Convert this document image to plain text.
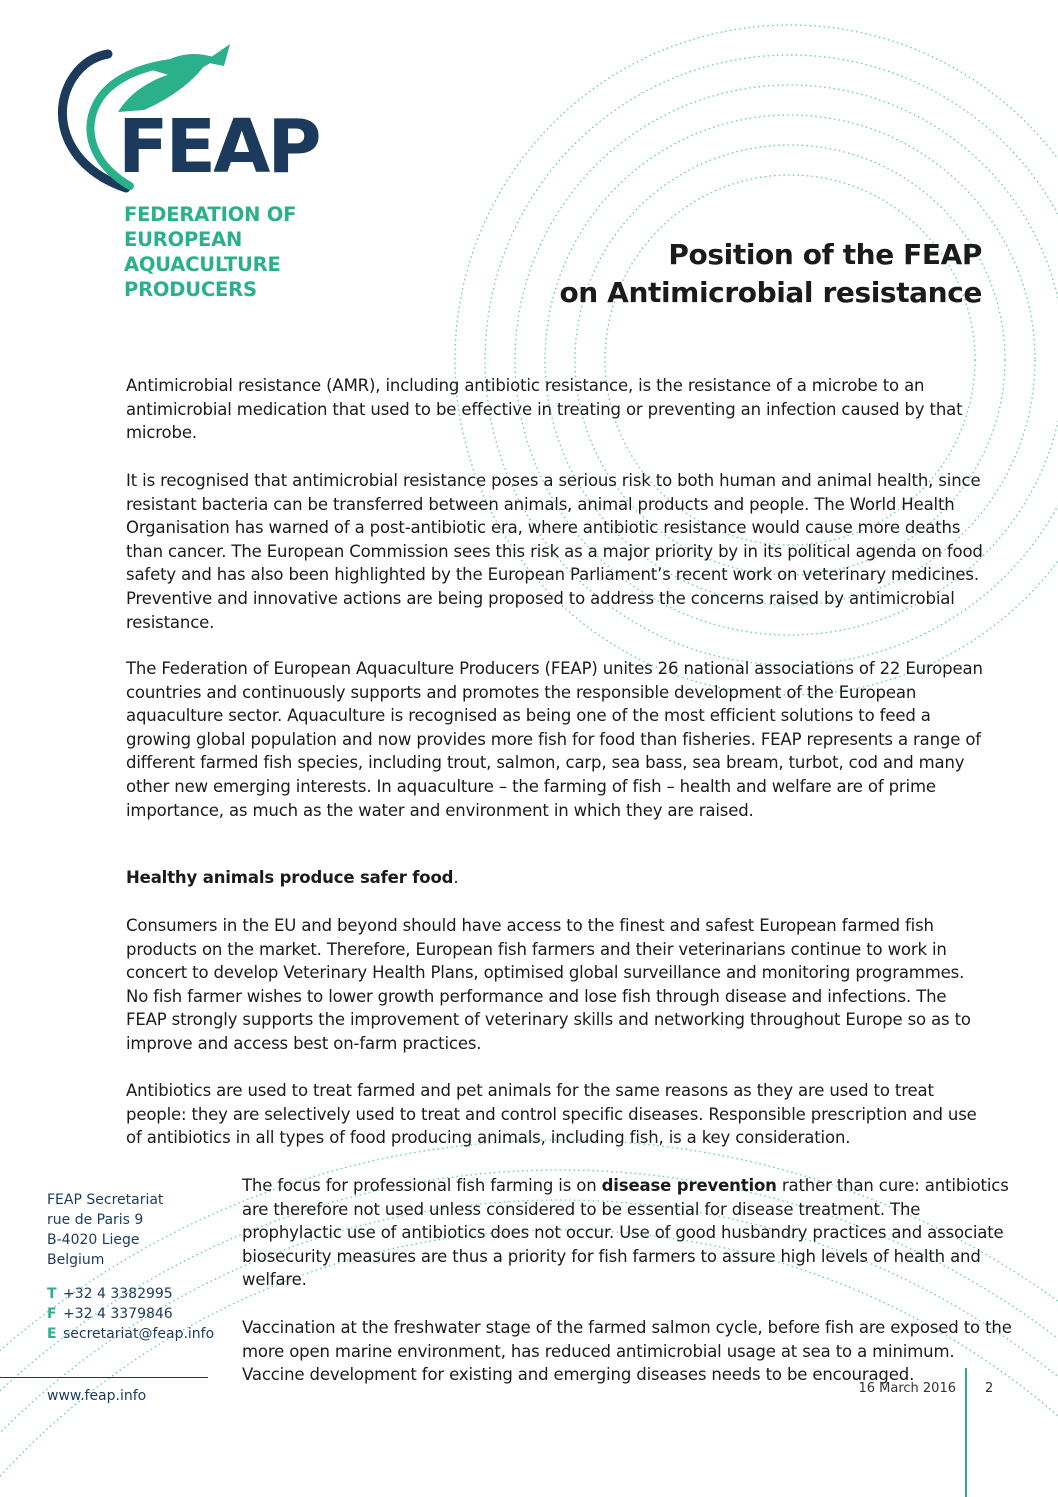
FEAP
FEDERATION OF
EUROPEAN
AQUACULTURE
PRODUCERS
Position of the FEAP
on Antimicrobial resistance

Antimicrobial resistance (AMR), including antibiotic resistance, is the resistance of a microbe to an antimicrobial medication that used to be effective in treating or preventing an infection caused by that microbe.

It is recognised that antimicrobial resistance poses a serious risk to both human and animal health, since resistant bacteria can be transferred between animals, animal products and people. The World Health Organisation has warned of a post-antibiotic era, where antibiotic resistance would cause more deaths than cancer. The European Commission sees this risk as a major priority by in its political agenda on food safety and has also been highlighted by the European Parliament’s recent work on veterinary medicines. Preventive and innovative actions are being proposed to address the concerns raised by antimicrobial resistance.

The Federation of European Aquaculture Producers (FEAP) unites 26 national associations of 22 European countries and continuously supports and promotes the responsible development of the European aquaculture sector. Aquaculture is recognised as being one of the most efficient solutions to feed a growing global population and now provides more fish for food than fisheries. FEAP represents a range of different farmed fish species, including trout, salmon, carp, sea bass, sea bream, turbot, cod and many other new emerging interests. In aquaculture – the farming of fish – health and welfare are of prime importance, as much as the water and environment in which they are raised.

Healthy animals produce safer food.

Consumers in the EU and beyond should have access to the finest and safest European farmed fish products on the market. Therefore, European fish farmers and their veterinarians continue to work in concert to develop Veterinary Health Plans, optimised global surveillance and monitoring programmes. No fish farmer wishes to lower growth performance and lose fish through disease and infections. The FEAP strongly supports the improvement of veterinary skills and networking throughout Europe so as to improve and access best on-farm practices.

Antibiotics are used to treat farmed and pet animals for the same reasons as they are used to treat people: they are selectively used to treat and control specific diseases. Responsible prescription and use of antibiotics in all types of food producing animals, including fish, is a key consideration.

The focus for professional fish farming is on disease prevention rather than cure: antibiotics are therefore not used unless considered to be essential for disease treatment. The prophylactic use of antibiotics does not occur. Use of good husbandry practices and associate biosecurity measures are thus a priority for fish farmers to assure high levels of health and welfare.

Vaccination at the freshwater stage of the farmed salmon cycle, before fish are exposed to the more open marine environment, has reduced antimicrobial usage at sea to a minimum. Vaccine development for existing and emerging diseases needs to be encouraged.

FEAP Secretariat
rue de Paris 9
B-4020 Liege
Belgium
T +32 4 3382995
F +32 4 3379846
E secretariat@feap.info
www.feap.info	16 March 2016 2
